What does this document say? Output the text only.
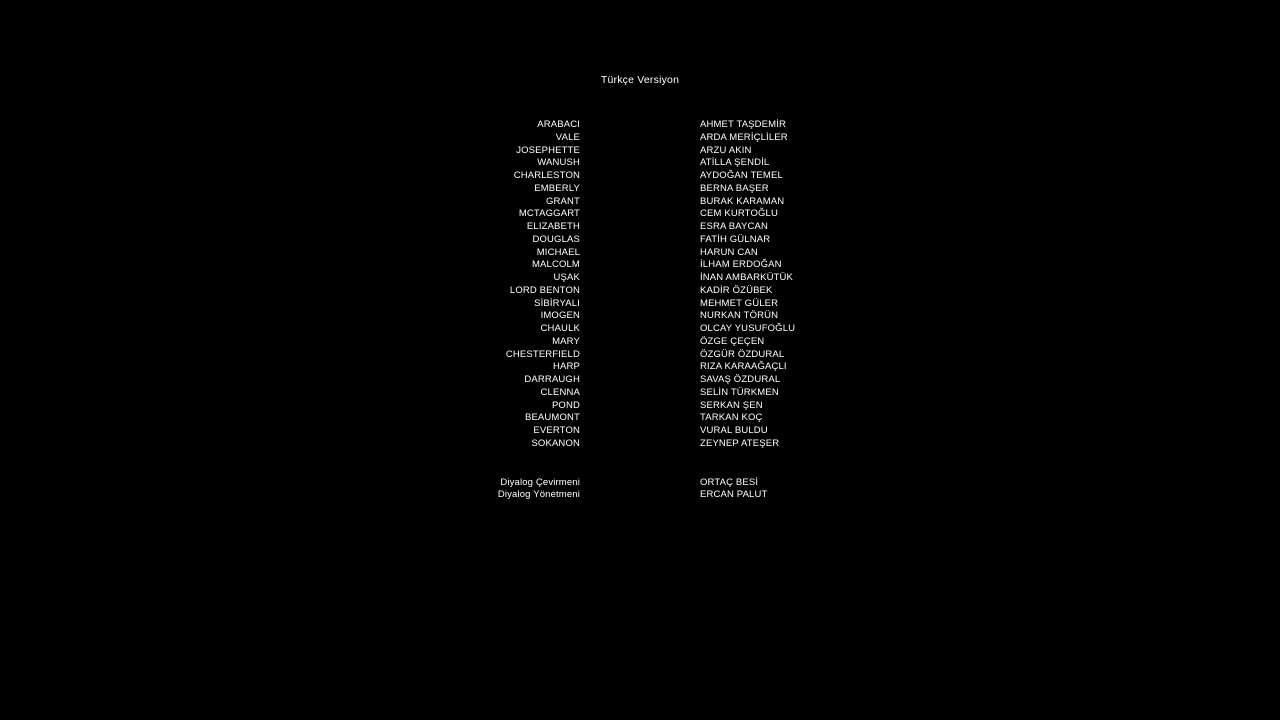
Türkçe Versiyon
ARABACI
VALE
JOSEPHETTE
WANUSH
CHARLESTON
EMBERLY
GRANT
MCTAGGART
ELIZABETH
DOUGLAS
MICHAEL
MALCOLM
UŞAK
LORD BENTON
SİBİRYALI
IMOGEN
CHAULK
MARY
CHESTERFIELD
HARP
DARRAUGH
CLENNA
POND
BEAUMONT
EVERTON
SOKANON
Diyalog Çevirmeni
Diyalog Yönetmeni
AHMET TAŞDEMİR
ARDA MERİÇLİLER
ARZU AKIN
ATİLLA ŞENDİL
AYDOĞAN TEMEL
BERNA BAŞER
BURAK KARAMAN
CEM KURTOĞLU
ESRA BAYCAN
FATİH GÜLNAR
HARUN CAN
İLHAM ERDOĞAN
İNAN AMBARKÜTÜK
KADİR ÖZÜBEK
MEHMET GÜLER
NURKAN TÖRÜN
OLCAY YUSUFOĞLU
ÖZGE ÇEÇEN
ÖZGÜR ÖZDURAL
RIZA KARAAĞAÇLI
SAVAŞ ÖZDURAL
SELİN TÜRKMEN
SERKAN ŞEN
TARKAN KOÇ
VURAL BULDU
ZEYNEP ATEŞER
ORTAÇ BESİ
ERCAN PALUT
